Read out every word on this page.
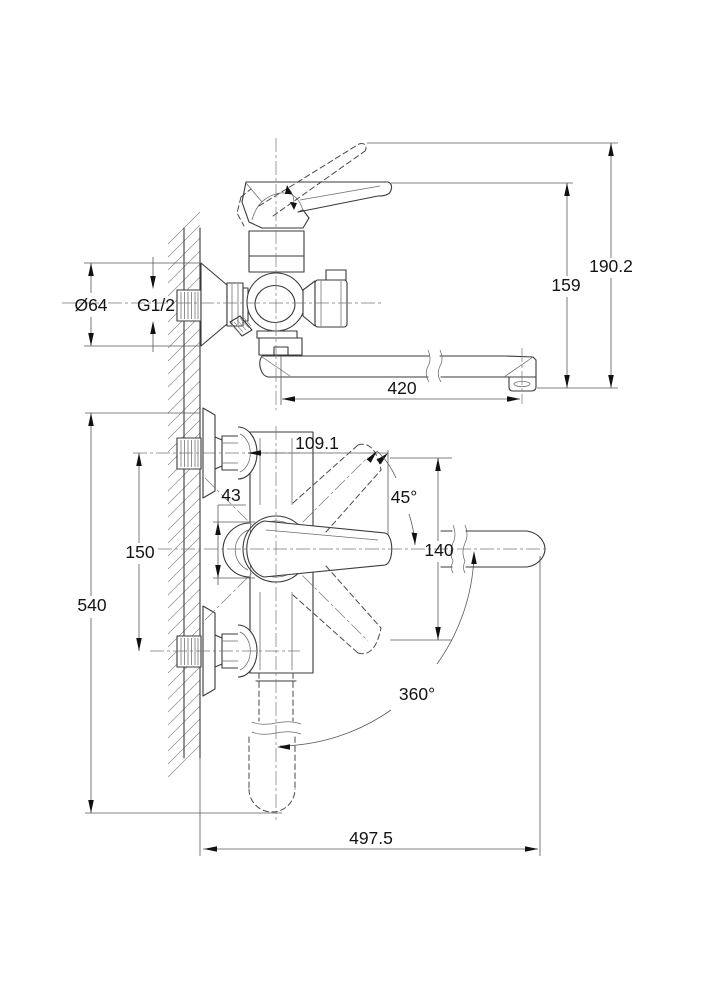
Ø64 G1/2
420
159
190.2
109.1
43	45°
140
150
540
360°
497.5
